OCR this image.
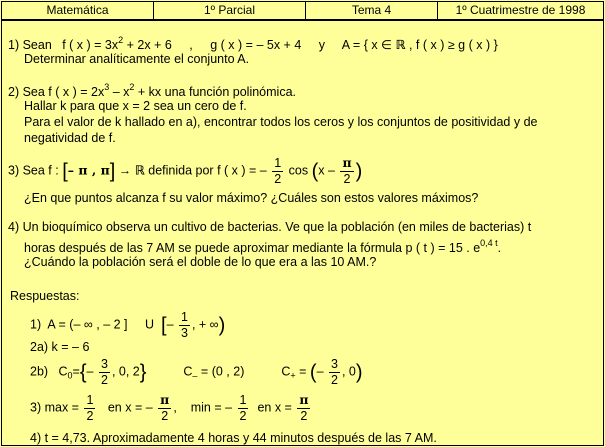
Matemática	1º Parcial	Tema 4	1º Cuatrimestre de 1998
1) Sean f ( x ) = $3x^2 + 2x + 6$ , g ( x ) = – 5x + 4 y A = { x ∈ ℝ , f ( x ) ≥ g ( x ) }
Determinar analíticamente el conjunto A.
2) Sea f ( x ) = $2x^3 - x^2$ + kx una función polinómica.
Hallar k para que x = 2 sea un cero de f.
Para el valor de k hallado en a), encontrar todos los ceros y los conjuntos de positividad y de
negatividad de f.
3) Sea f : [– π , π] → ℝ definida por f ( x ) = – $\frac{1}{2}$ $\cos (x - \frac{\pi}{2}$ )
¿En que puntos alcanza f su valor máximo? ¿Cuáles son estos valores máximos?
4) Un bioquímico observa un cultivo de bacterias. Ve que la población (en miles de bacterias) t
horas después de las 7 AM se puede aproximar mediante la fórmula p ( t ) = 15 . $e^{0,4 t}$.
¿Cuándo la población será el doble de lo que era a las 10 AM.?
Respuestas:
1) A = (– ∞ , – 2 ] U [– $\frac{1}{3}$ , + ∞)
2a) k = – 6
2b) $C_0=\{- \frac{3}{2}$ , 0, 2}	$C_- = (0$ , 2)	$C_+$ = (– $\frac{3}{2}$ , 0)
3) $\max = \frac{1}{2}$ en x = – $\frac{\pi}{2}$ , min = – $\frac{1}{2}$ en $x = \frac{\pi}{2}$
4) t = 4,73. Aproximadamente 4 horas y 44 minutos después de las 7 AM.
